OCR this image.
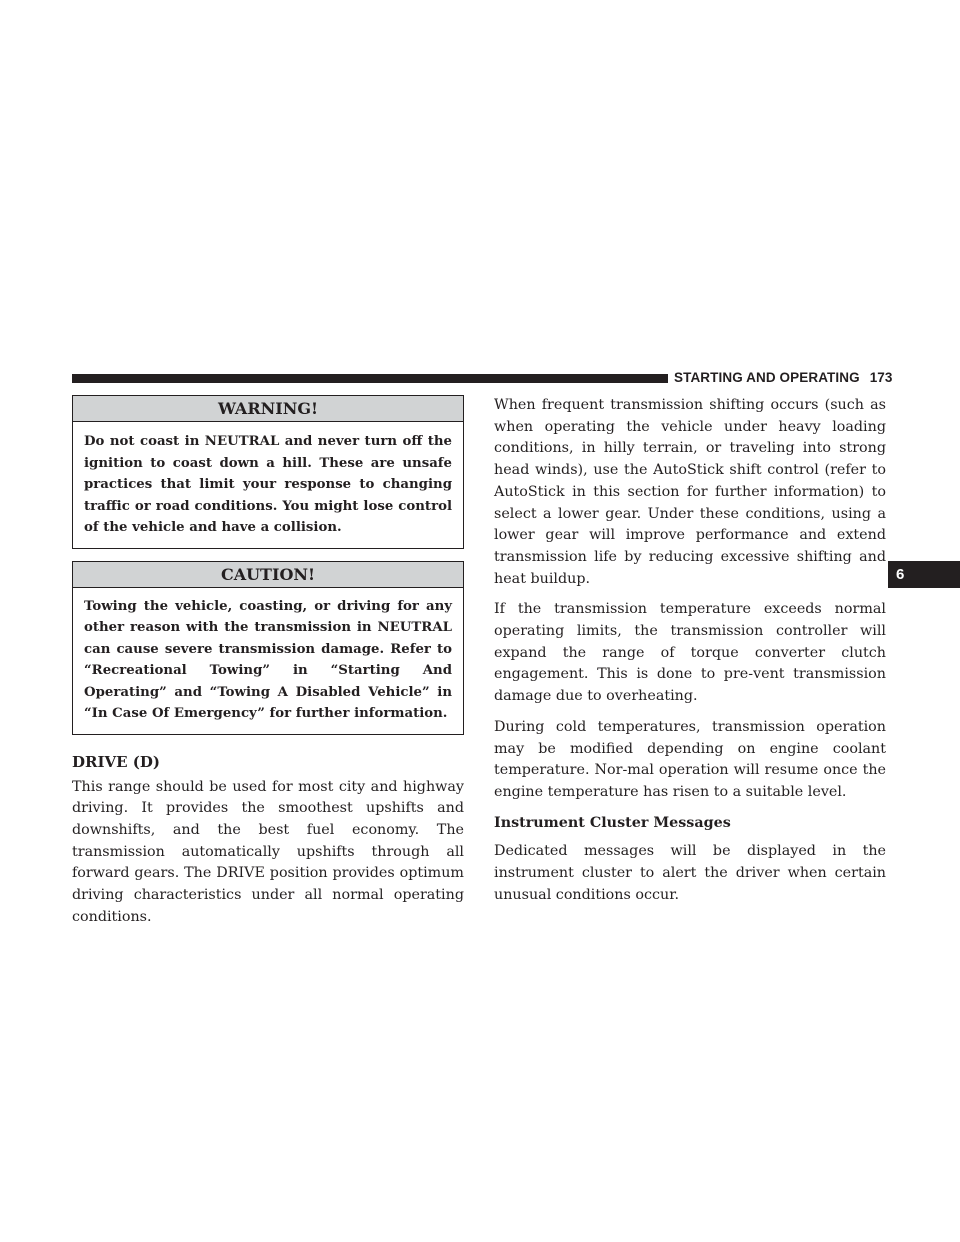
STARTING AND OPERATING 173
WARNING!
Do not coast in NEUTRAL and never turn off the ignition to coast down a hill. These are unsafe practices that limit your response to changing traffic or road conditions. You might lose control of the vehicle and have a collision.
CAUTION!
Towing the vehicle, coasting, or driving for any other reason with the transmission in NEUTRAL can cause severe transmission damage. Refer to “Recreational Towing” in “Starting And Operating” and “Towing A Disabled Vehicle” in “In Case Of Emergency” for further information.
DRIVE (D)

This range should be used for most city and highway driving. It provides the smoothest upshifts and downshifts, and the best fuel economy. The transmission automatically upshifts through all forward gears. The DRIVE position provides optimum driving characteristics under all normal operating conditions.

When frequent transmission shifting occurs (such as when operating the vehicle under heavy loading conditions, in hilly terrain, or traveling into strong head winds), use the AutoStick shift control (refer to AutoStick in this section for further information) to select a lower gear. Under these conditions, using a lower gear will improve performance and extend transmission life by reducing excessive shifting and heat buildup.

If the transmission temperature exceeds normal operating limits, the transmission controller will expand the range of torque converter clutch engagement. This is done to pre-vent transmission damage due to overheating.

During cold temperatures, transmission operation may be modified depending on engine coolant temperature. Nor-mal operation will resume once the engine temperature has risen to a suitable level.

Instrument Cluster Messages

Dedicated messages will be displayed in the instrument cluster to alert the driver when certain unusual conditions occur.

6
